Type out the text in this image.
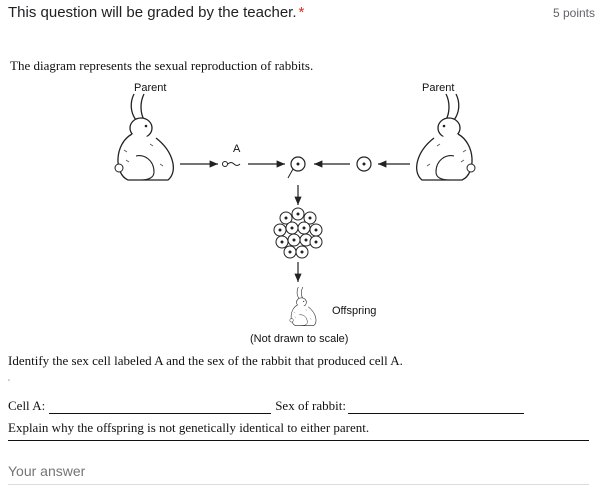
This question will be graded by the teacher. *	5 points
The diagram represents the sexual reproduction of rabbits.
Parent	Parent
A
Offspring
(Not drawn to scale)
Identify the sex cell labeled A and the sex of the rabbit that produced cell A.
'
Cell A:	Sex of rabbit:
Explain why the offspring is not genetically identical to either parent.
Your answer
